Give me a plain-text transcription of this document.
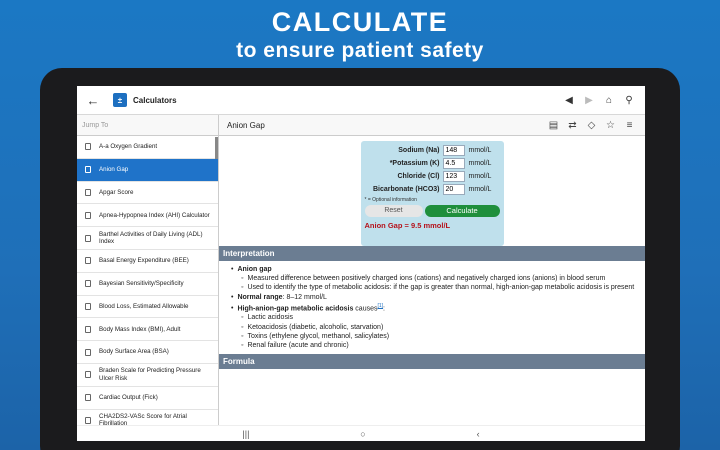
CALCULATE
to ensure patient safety
←	±	Calculators	◀	▶	⌂	⚲
Jump To
A-a Oxygen Gradient
Anion Gap
Apgar Score
Apnea-Hypopnea Index (AHI) Calculator
Barthel Activities of Daily Living (ADL) Index
Basal Energy Expenditure (BEE)
Bayesian Sensitivity/Specificity
Blood Loss, Estimated Allowable
Body Mass Index (BMI), Adult
Body Surface Area (BSA)
Braden Scale for Predicting Pressure Ulcer Risk
Cardiac Output (Fick)
CHA2DS2-VASc Score for Atrial Fibrillation
Anion Gap	▤	⇄	◇	☆	≡
Sodium (Na) 148	mmol/L
*Potassium (K) 4.5	mmol/L
Chloride (Cl) 123	mmol/L
Bicarbonate (HCO3) 20	mmol/L
* = Optional information
Reset	Calculate
Anion Gap = 9.5 mmol/L
Interpretation
• Anion gap
◦ Measured difference between positively charged ions (cations) and negatively charged ions (anions) in blood serum
◦ Used to identify the type of metabolic acidosis: if the gap is greater than normal, high-anion-gap metabolic acidosis is present
• Normal range: 8–12 mmol/L
• High-anion-gap metabolic acidosis causes[1]:
◦ Lactic acidosis
◦ Ketoacidosis (diabetic, alcoholic, starvation)
◦ Toxins (ethylene glycol, methanol, salicylates)
◦ Renal failure (acute and chronic)
Formula
|||	○	‹
